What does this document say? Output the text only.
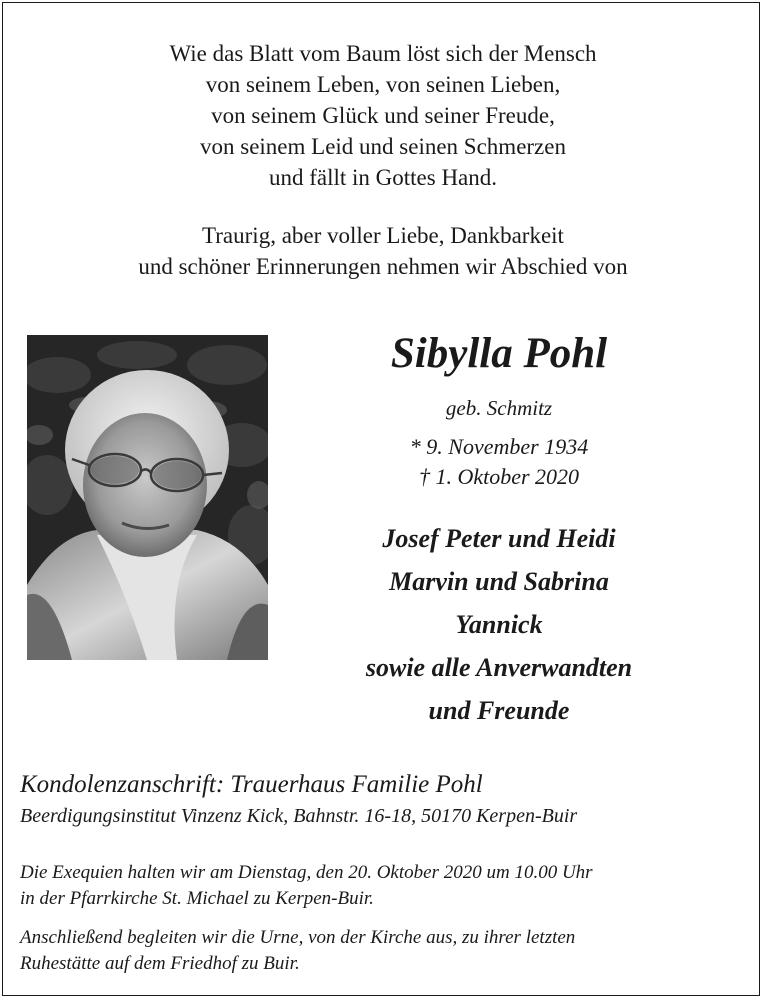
Wie das Blatt vom Baum löst sich der Mensch
von seinem Leben, von seinen Lieben,
von seinem Glück und seiner Freude,
von seinem Leid und seinen Schmerzen
und fällt in Gottes Hand.
Traurig, aber voller Liebe, Dankbarkeit
und schöner Erinnerungen nehmen wir Abschied von
Sibylla Pohl
geb. Schmitz
* 9. November 1934
† 1. Oktober 2020
Josef Peter und Heidi
Marvin und Sabrina
Yannick
sowie alle Anverwandten
und Freunde
Kondolenzanschrift: Trauerhaus Familie Pohl
Beerdigungsinstitut Vinzenz Kick, Bahnstr. 16-18, 50170 Kerpen-Buir
Die Exequien halten wir am Dienstag, den 20. Oktober 2020 um 10.00 Uhr
in der Pfarrkirche St. Michael zu Kerpen-Buir.
Anschließend begleiten wir die Urne, von der Kirche aus, zu ihrer letzten
Ruhestätte auf dem Friedhof zu Buir.
